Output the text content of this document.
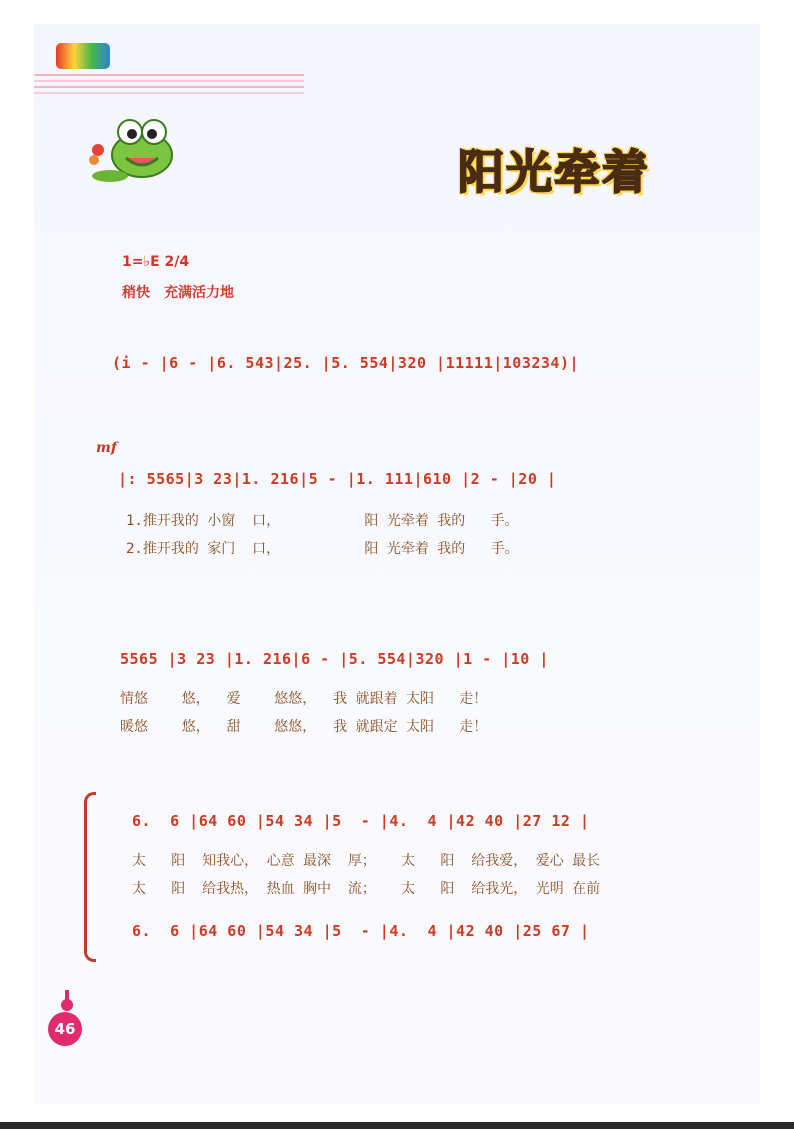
阳光牵着
1=♭E 2/4
稍快　充满活力地
(i - |6 - |6. 543|25. |5. 554|320 |11111|103234)|
mf
|: 5565|3 23|1. 216|5 - |1. 111|610 |2 - |20 |
1.推开我的 小窗  口，          阳 光牵着 我的   手。
2.推开我的 家门  口，          阳 光牵着 我的   手。
5565 |3 23 |1. 216|6 - |5. 554|320 |1 - |10 |
情悠    悠，  爱    悠悠，  我 就跟着 太阳   走！
暖悠    悠，  甜    悠悠，  我 就跟定 太阳   走！
6.  6 |64 60 |54 34 |5  - |4.  4 |42 40 |27 12 |
太   阳  知我心， 心意 最深  厚；   太   阳  给我爱， 爱心 最长
太   阳  给我热， 热血 胸中  流；   太   阳  给我光， 光明 在前
6.  6 |64 60 |54 34 |5  - |4.  4 |42 40 |25 67 |
46
